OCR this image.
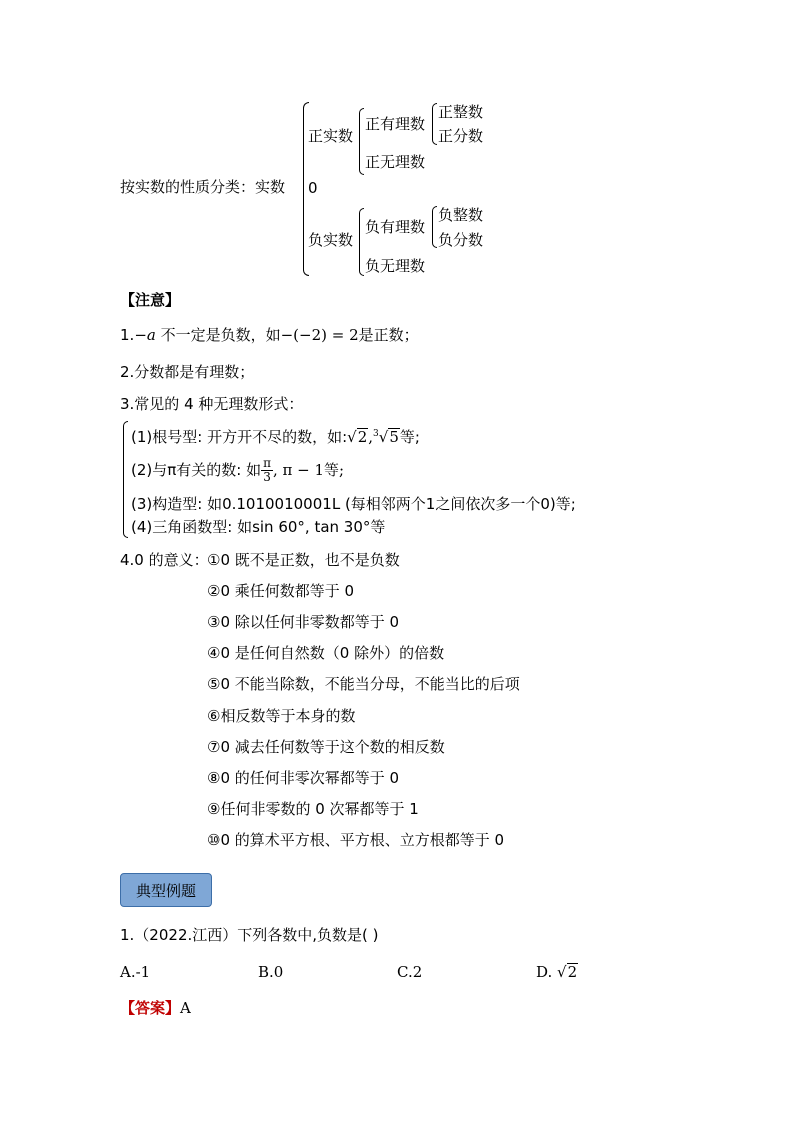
按实数的性质分类：实数 0
正实数
正有理数
正整数
正分数
正无理数
负实数
负有理数
负整数
负分数
负无理数
【注意】
1.−a 不一定是负数，如−(−2) = 2是正数；
2.分数都是有理数；
3.常见的 4 种无理数形式：
(1)根号型: 开方开不尽的数，如:√2,$^3$√5等;
(2)与π有关的数: 如 $\frac{\pi}{3}$ , π − 1等;
(3)构造型: 如0.1010010001L (每相邻两个1之间依次多一个0)等;
(4)三角函数型: 如sin 60°, tan 30°等
4.0 的意义：
①0 既不是正数，也不是负数
②0 乘任何数都等于 0
③0 除以任何非零数都等于 0
④0 是任何自然数（0 除外）的倍数
⑤0 不能当除数，不能当分母，不能当比的后项
⑥相反数等于本身的数
⑦0 减去任何数等于这个数的相反数
⑧0 的任何非零次幂都等于 0
⑨任何非零数的 0 次幂都等于 1
⑩0 的算术平方根、平方根、立方根都等于 0
典型例题
1.（2022.江西）下列各数中,负数是( )
A.-1	B.0	C.2	D. √2
【答案】A
